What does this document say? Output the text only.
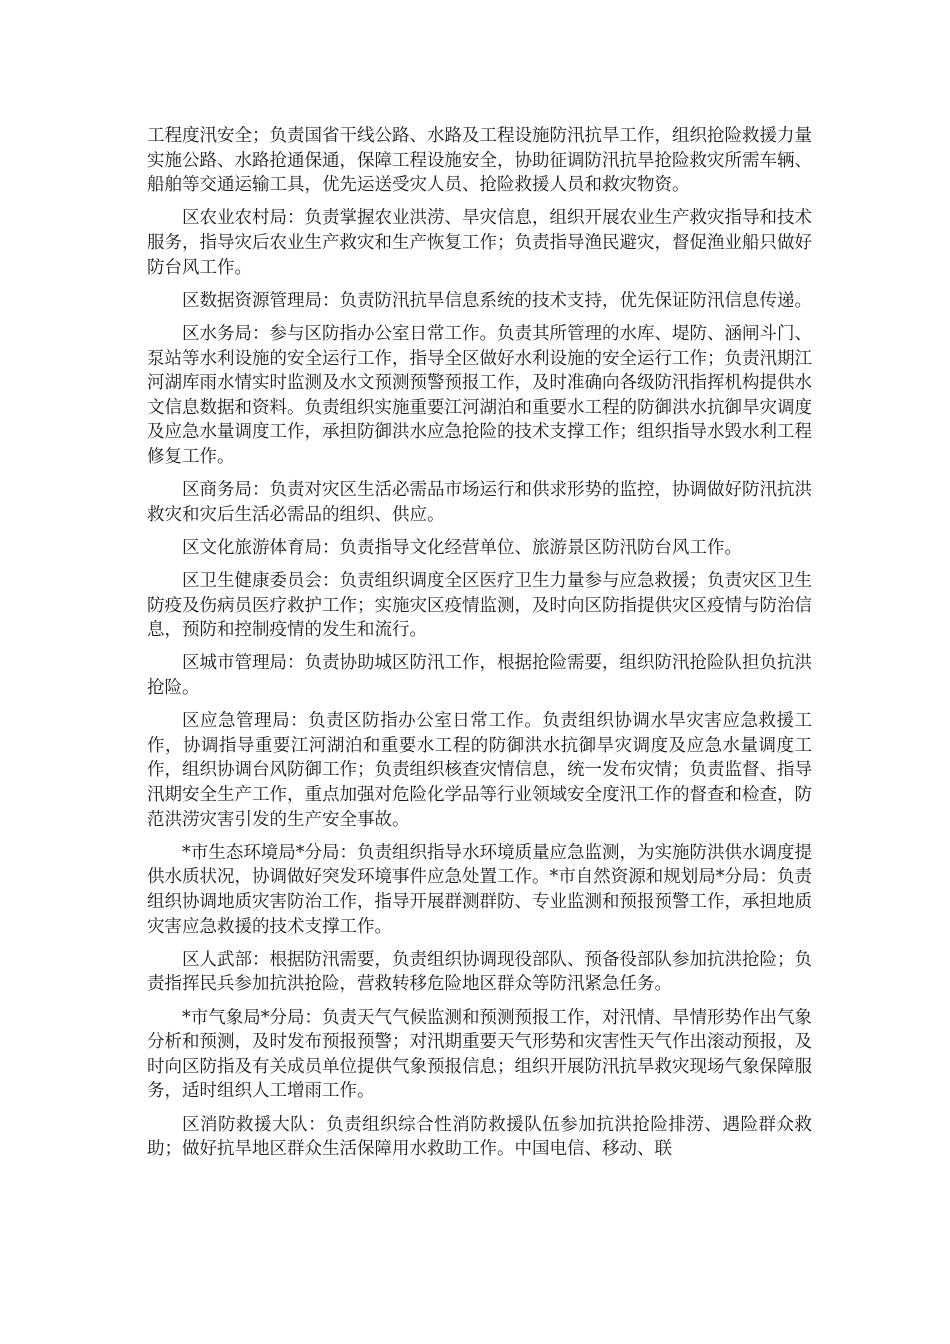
工程度汛安全；负责国省干线公路、水路及工程设施防汛抗旱工作，组织抢险救援力量实施公路、水路抢通保通，保障工程设施安全，协助征调防汛抗旱抢险救灾所需车辆、船舶等交通运输工具，优先运送受灾人员、抢险救援人员和救灾物资。

区农业农村局：负责掌握农业洪涝、旱灾信息，组织开展农业生产救灾指导和技术服务，指导灾后农业生产救灾和生产恢复工作；负责指导渔民避灾，督促渔业船只做好防台风工作。

区数据资源管理局：负责防汛抗旱信息系统的技术支持，优先保证防汛信息传递。

区水务局：参与区防指办公室日常工作。负责其所管理的水库、堤防、涵闸斗门、泵站等水利设施的安全运行工作，指导全区做好水利设施的安全运行工作；负责汛期江河湖库雨水情实时监测及水文预测预警预报工作，及时准确向各级防汛指挥机构提供水文信息数据和资料。负责组织实施重要江河湖泊和重要水工程的防御洪水抗御旱灾调度及应急水量调度工作，承担防御洪水应急抢险的技术支撑工作；组织指导水毁水利工程修复工作。

区商务局：负责对灾区生活必需品市场运行和供求形势的监控，协调做好防汛抗洪救灾和灾后生活必需品的组织、供应。

区文化旅游体育局：负责指导文化经营单位、旅游景区防汛防台风工作。

区卫生健康委员会：负责组织调度全区医疗卫生力量参与应急救援；负责灾区卫生防疫及伤病员医疗救护工作；实施灾区疫情监测，及时向区防指提供灾区疫情与防治信息，预防和控制疫情的发生和流行。

区城市管理局：负责协助城区防汛工作，根据抢险需要，组织防汛抢险队担负抗洪抢险。

区应急管理局：负责区防指办公室日常工作。负责组织协调水旱灾害应急救援工作，协调指导重要江河湖泊和重要水工程的防御洪水抗御旱灾调度及应急水量调度工作，组织协调台风防御工作；负责组织核查灾情信息，统一发布灾情；负责监督、指导汛期安全生产工作，重点加强对危险化学品等行业领域安全度汛工作的督查和检查，防范洪涝灾害引发的生产安全事故。

*市生态环境局*分局：负责组织指导水环境质量应急监测，为实施防洪供水调度提供水质状况，协调做好突发环境事件应急处置工作。*市自然资源和规划局*分局：负责组织协调地质灾害防治工作，指导开展群测群防、专业监测和预报预警工作，承担地质灾害应急救援的技术支撑工作。

区人武部：根据防汛需要，负责组织协调现役部队、预备役部队参加抗洪抢险；负责指挥民兵参加抗洪抢险，营救转移危险地区群众等防汛紧急任务。

*市气象局*分局：负责天气气候监测和预测预报工作，对汛情、旱情形势作出气象分析和预测，及时发布预报预警；对汛期重要天气形势和灾害性天气作出滚动预报，及时向区防指及有关成员单位提供气象预报信息；组织开展防汛抗旱救灾现场气象保障服务，适时组织人工增雨工作。

区消防救援大队：负责组织综合性消防救援队伍参加抗洪抢险排涝、遇险群众救助；做好抗旱地区群众生活保障用水救助工作。中国电信、移动、联
